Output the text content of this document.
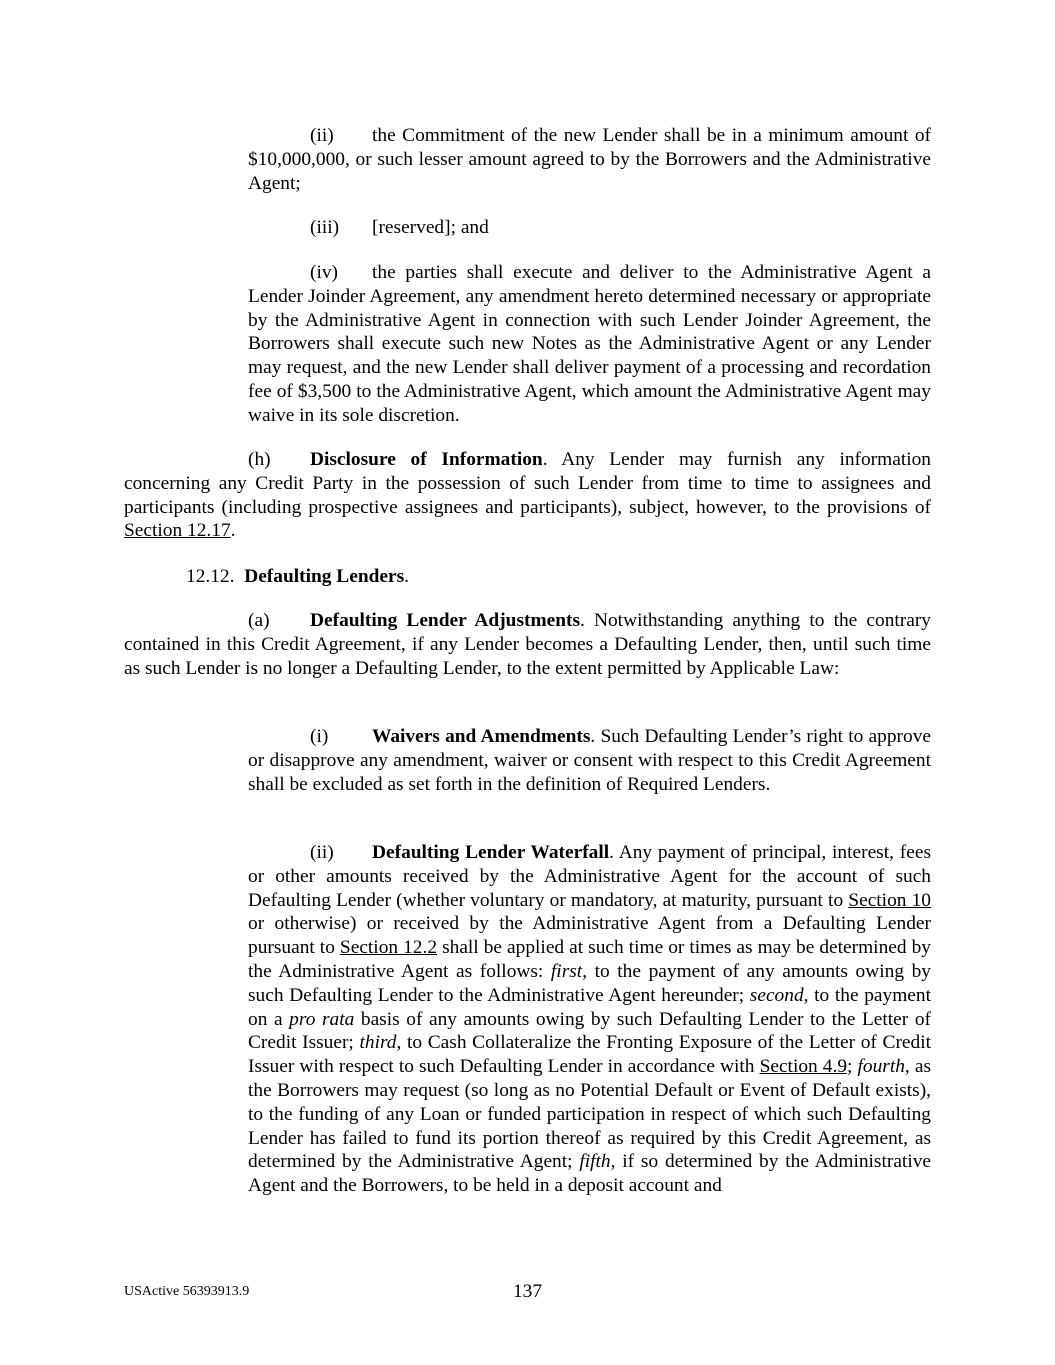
(ii) the Commitment of the new Lender shall be in a minimum amount of $10,000,000, or such lesser amount agreed to by the Borrowers and the Administrative Agent;

(iii) [reserved]; and

(iv) the parties shall execute and deliver to the Administrative Agent a Lender Joinder Agreement, any amendment hereto determined necessary or appropriate by the Administrative Agent in connection with such Lender Joinder Agreement, the Borrowers shall execute such new Notes as the Administrative Agent or any Lender may request, and the new Lender shall deliver payment of a processing and recordation fee of $3,500 to the Administrative Agent, which amount the Administrative Agent may waive in its sole discretion.

(h) Disclosure of Information. Any Lender may furnish any information concerning any Credit Party in the possession of such Lender from time to time to assignees and participants (including prospective assignees and participants), subject, however, to the provisions of Section 12.17.

12.12. Defaulting Lenders.

(a) Defaulting Lender Adjustments. Notwithstanding anything to the contrary contained in this Credit Agreement, if any Lender becomes a Defaulting Lender, then, until such time as such Lender is no longer a Defaulting Lender, to the extent permitted by Applicable Law:

(i) Waivers and Amendments. Such Defaulting Lender’s right to approve or disapprove any amendment, waiver or consent with respect to this Credit Agreement shall be excluded as set forth in the definition of Required Lenders.

(ii) Defaulting Lender Waterfall. Any payment of principal, interest, fees or other amounts received by the Administrative Agent for the account of such Defaulting Lender (whether voluntary or mandatory, at maturity, pursuant to Section 10 or otherwise) or received by the Administrative Agent from a Defaulting Lender pursuant to Section 12.2 shall be applied at such time or times as may be determined by the Administrative Agent as follows: first, to the payment of any amounts owing by such Defaulting Lender to the Administrative Agent hereunder; second, to the payment on a pro rata basis of any amounts owing by such Defaulting Lender to the Letter of Credit Issuer; third, to Cash Collateralize the Fronting Exposure of the Letter of Credit Issuer with respect to such Defaulting Lender in accordance with Section 4.9; fourth, as the Borrowers may request (so long as no Potential Default or Event of Default exists), to the funding of any Loan or funded participation in respect of which such Defaulting Lender has failed to fund its portion thereof as required by this Credit Agreement, as determined by the Administrative Agent; fifth, if so determined by the Administrative Agent and the Borrowers, to be held in a deposit account and

USActive 56393913.9	137
